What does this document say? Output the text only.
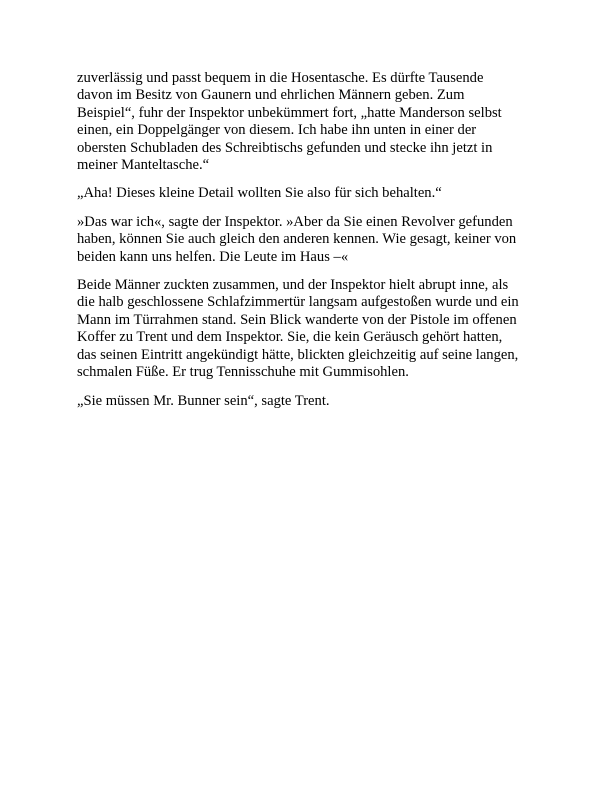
zuverlässig und passt bequem in die Hosentasche. Es dürfte Tausende
davon im Besitz von Gaunern und ehrlichen Männern geben. Zum
Beispiel“, fuhr der Inspektor unbekümmert fort, „hatte Manderson selbst
einen, ein Doppelgänger von diesem. Ich habe ihn unten in einer der
obersten Schubladen des Schreibtischs gefunden und stecke ihn jetzt in
meiner Manteltasche.“

„Aha! Dieses kleine Detail wollten Sie also für sich behalten.“

»Das war ich«, sagte der Inspektor. »Aber da Sie einen Revolver gefunden
haben, können Sie auch gleich den anderen kennen. Wie gesagt, keiner von
beiden kann uns helfen. Die Leute im Haus –«

Beide Männer zuckten zusammen, und der Inspektor hielt abrupt inne, als
die halb geschlossene Schlafzimmertür langsam aufgestoßen wurde und ein
Mann im Türrahmen stand. Sein Blick wanderte von der Pistole im offenen
Koffer zu Trent und dem Inspektor. Sie, die kein Geräusch gehört hatten,
das seinen Eintritt angekündigt hätte, blickten gleichzeitig auf seine langen,
schmalen Füße. Er trug Tennisschuhe mit Gummisohlen.

„Sie müssen Mr. Bunner sein“, sagte Trent.
